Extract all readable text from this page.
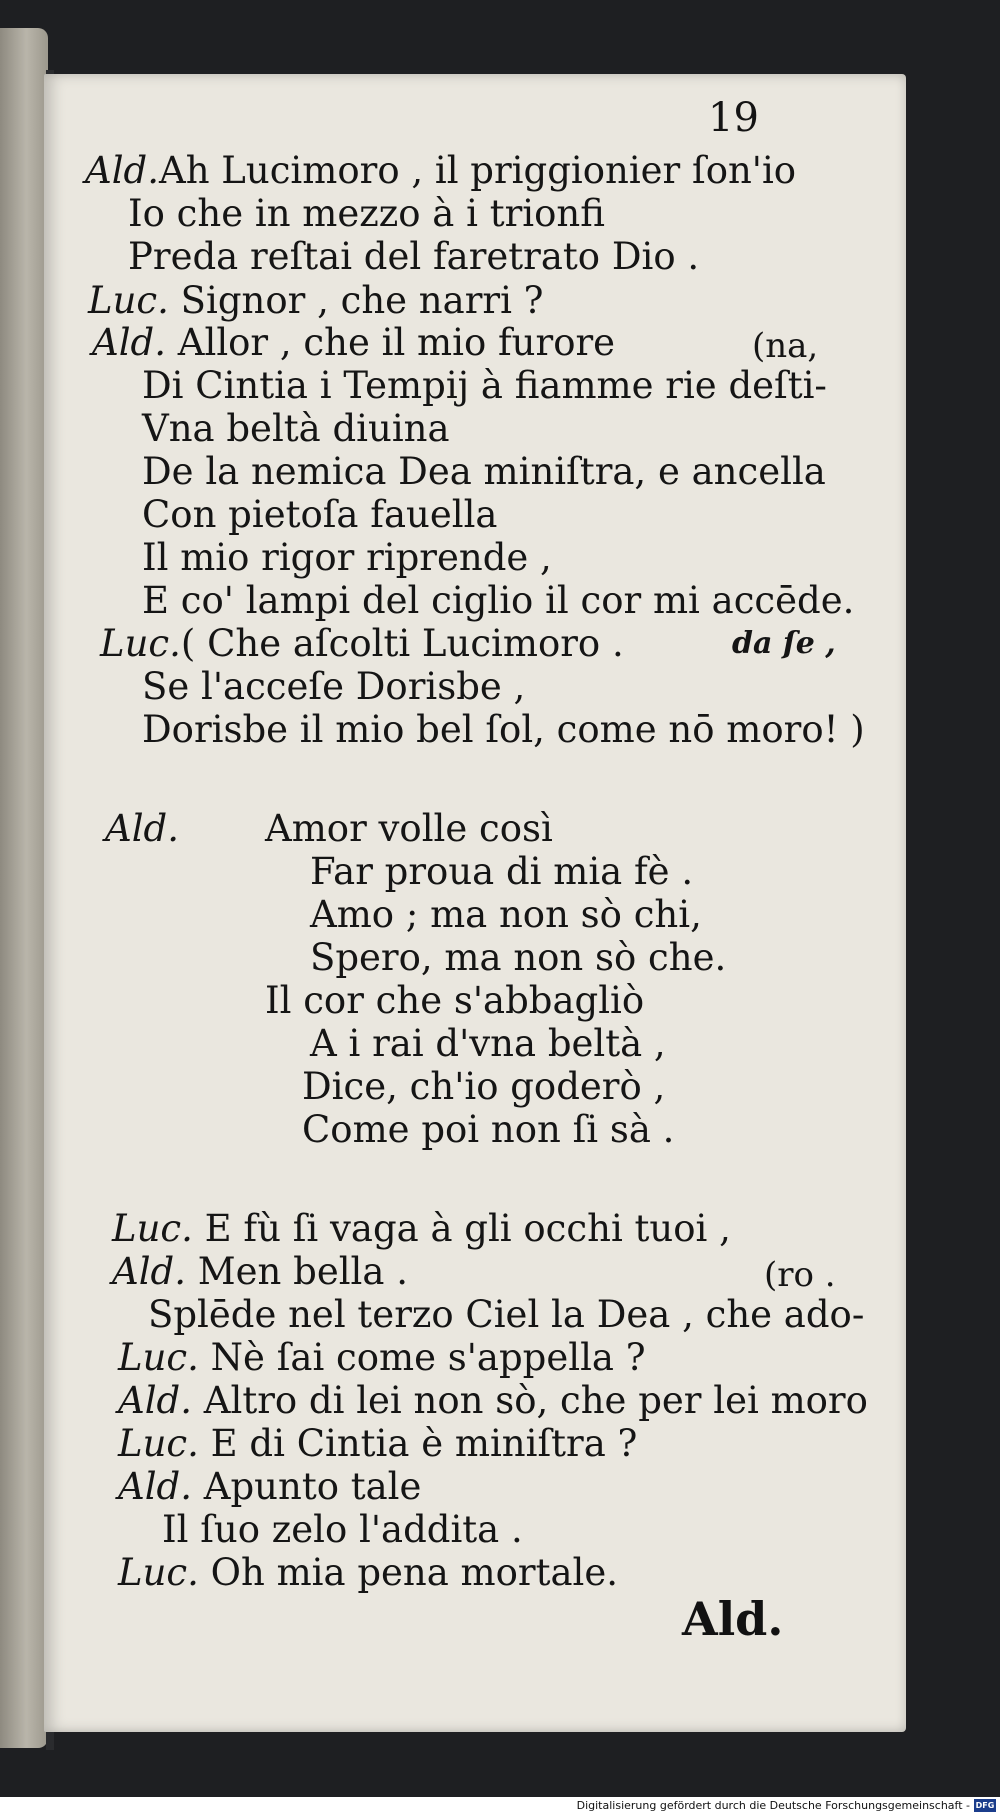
19
Ald.Ah Lucimoro , il priggionier ſon'io
Io che in mezzo à i trionfi
Preda reſtai del faretrato Dio .
Luc. Signor , che narri ?
Ald. Allor , che il mio furore	(na,
Di Cintia i Tempij à fiamme rie deſti-
Vna beltà diuina
De la nemica Dea miniſtra, e ancella
Con pietoſa fauella
Il mio rigor riprende ,
E co' lampi del ciglio il cor mi accēde.
Luc.( Che aſcolti Lucimoro .	da ſe ,
Se l'acceſe Dorisbe ,
Dorisbe il mio bel ſol, come nō moro! )
Ald. Amor volle così
Far proua di mia fè .
Amo ; ma non sò chi,
Spero, ma non sò che.
Il cor che s'abbagliò
A i rai d'vna beltà ,
Dice, ch'io goderò ,
Come poi non ſi sà .
Luc. E fù ſi vaga à gli occhi tuoi ,
Ald. Men bella .	(ro .
Splēde nel terzo Ciel la Dea , che ado-
Luc. Nè ſai come s'appella ?
Ald. Altro di lei non sò, che per lei moro
Luc. E di Cintia è miniſtra ?
Ald. Apunto tale
Il ſuo zelo l'addita .
Luc. Oh mia pena mortale.
Ald.
Digitalisierung gefördert durch die Deutsche Forschungsgemeinschaft - DFG
